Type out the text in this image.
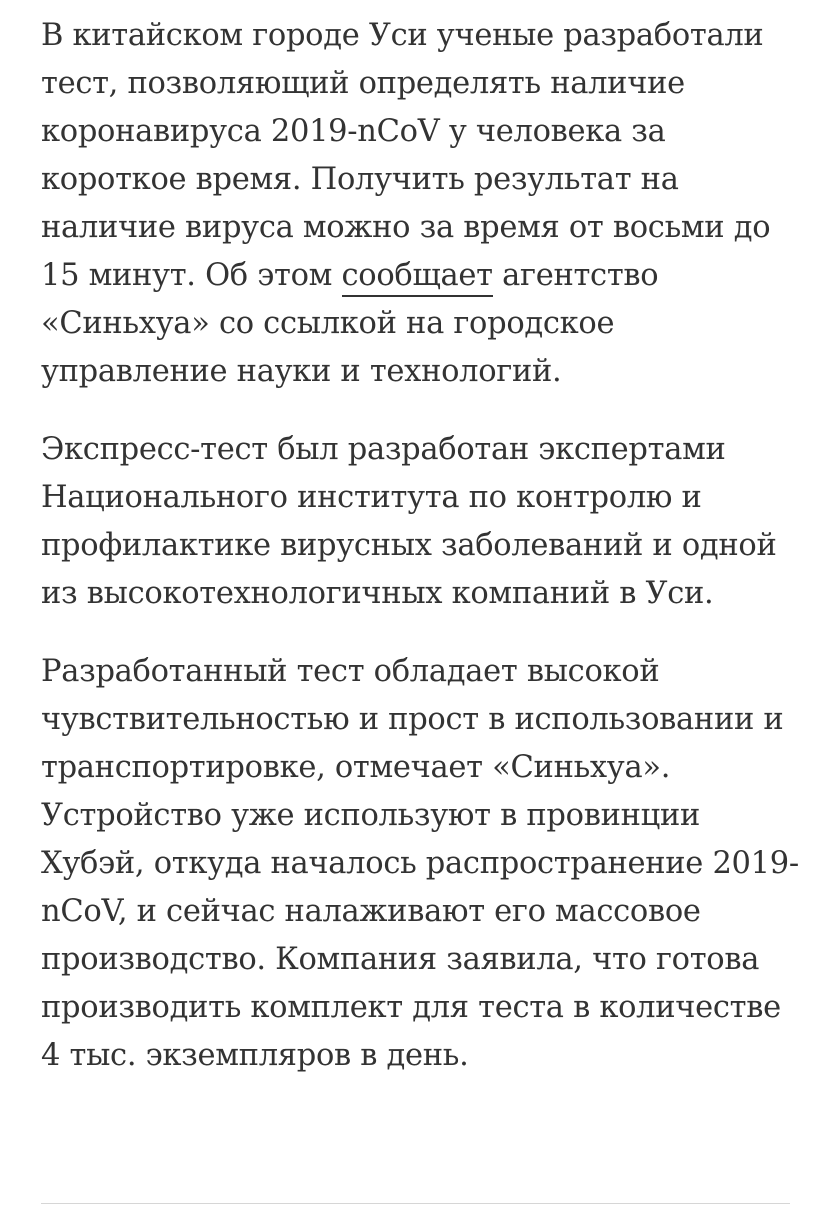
В китайском городе Уси ученые разработали тест, позволяющий определять наличие коронавируса 2019-nCoV у человека за короткое время. Получить результат на наличие вируса можно за время от восьми до 15 минут. Об этом сообщает агентство «Синьхуа» со ссылкой на городское управление науки и технологий.

Экспресс-тест был разработан экспертами Национального института по контролю и профилактике вирусных заболеваний и одной из высокотехнологичных компаний в Уси.

Разработанный тест обладает высокой чувствительностью и прост в использовании и транспортировке, отмечает «Синьхуа». Устройство уже используют в провинции Хубэй, откуда началось распространение 2019-nCoV, и сейчас налаживают его массовое производство. Компания заявила, что готова производить комплект для теста в количестве 4 тыс. экземпляров в день.
